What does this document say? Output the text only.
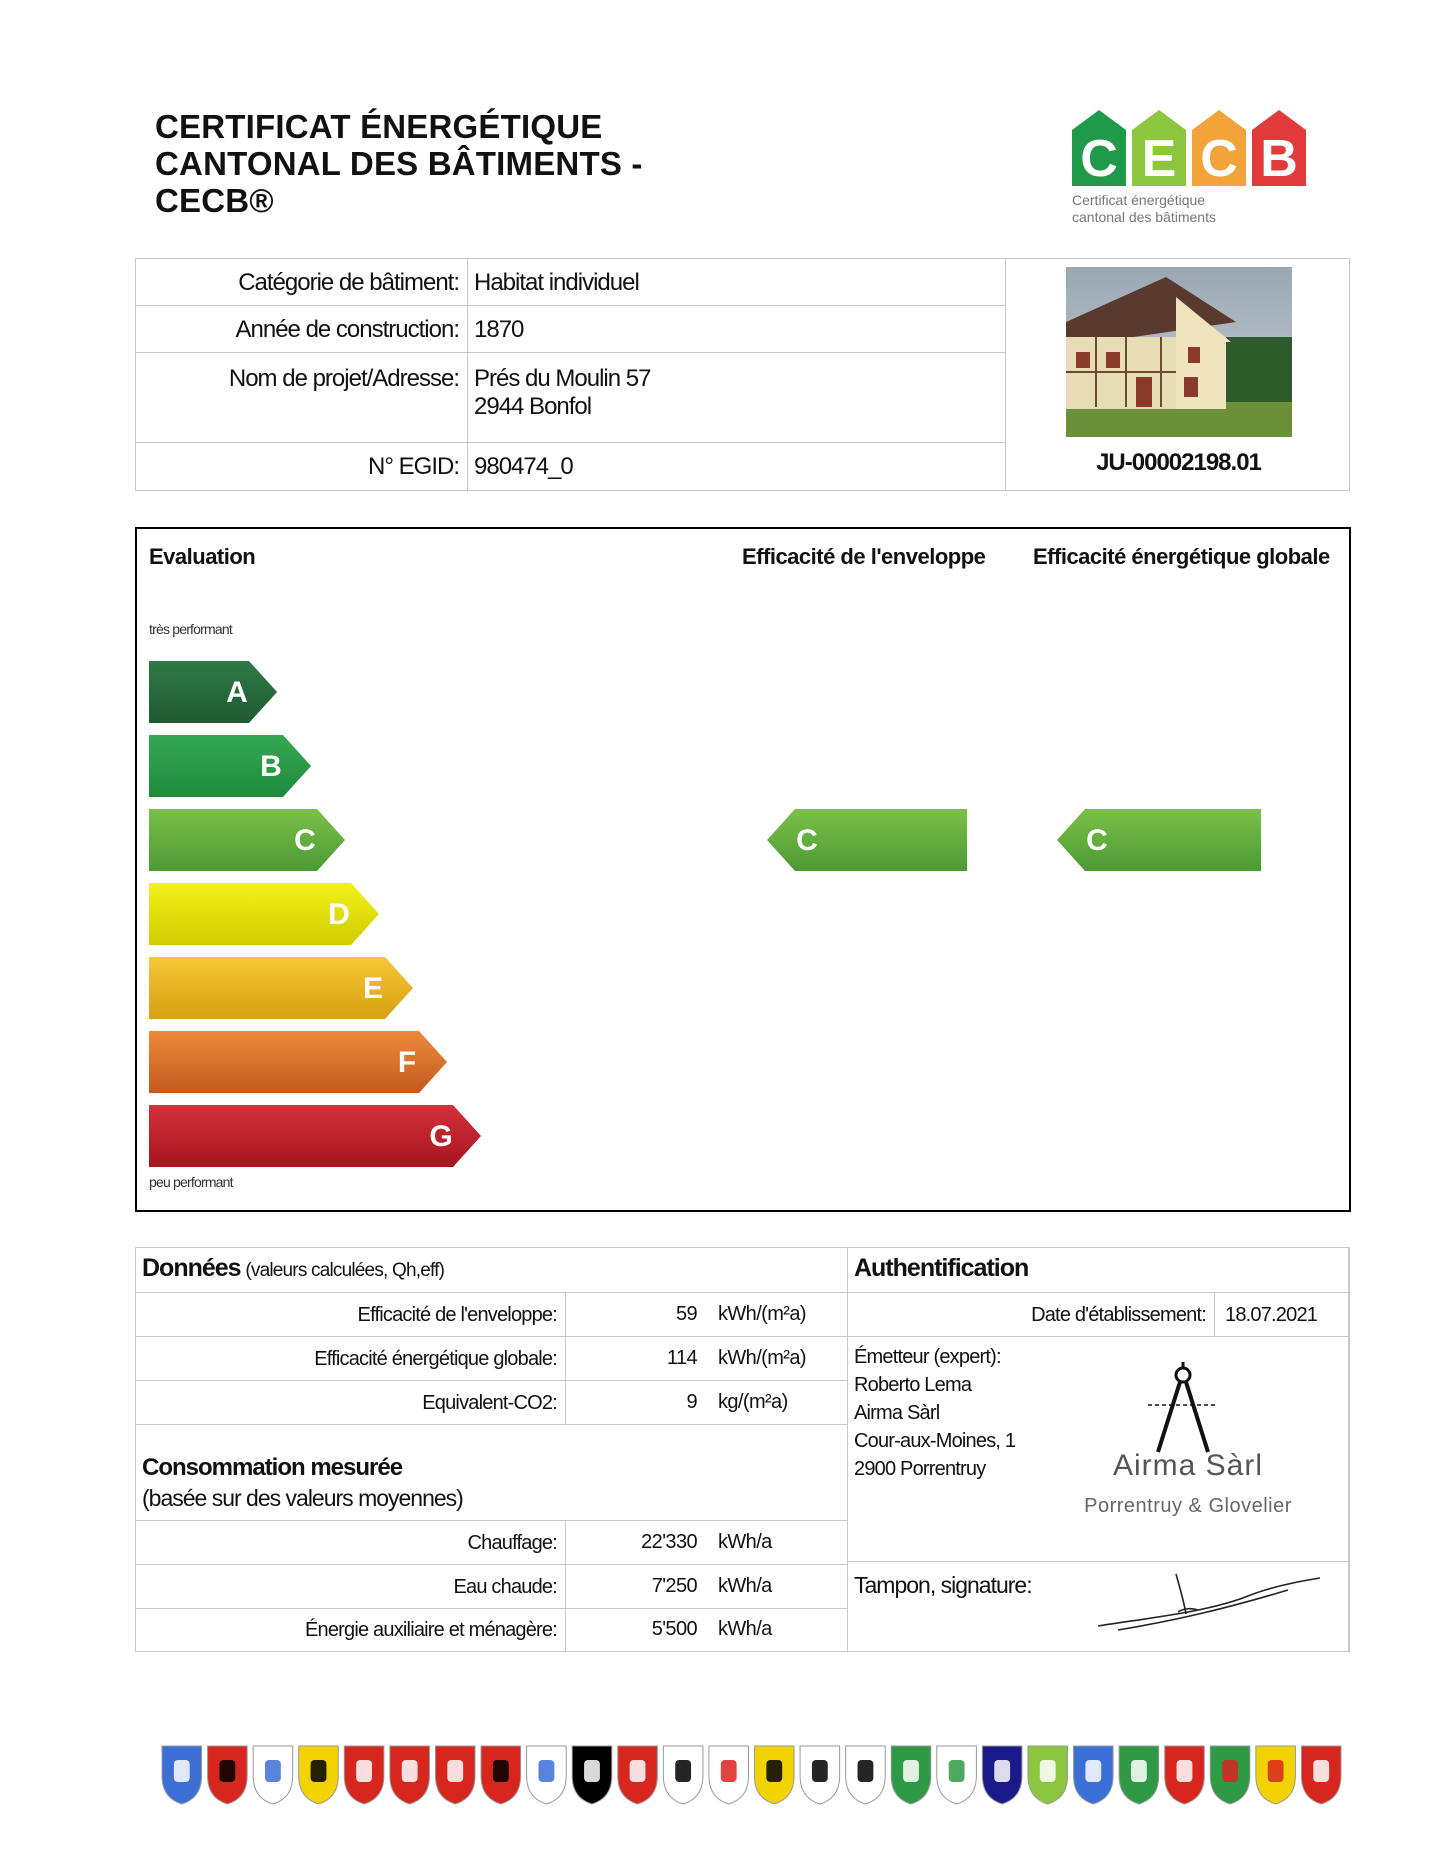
CERTIFICAT ÉNERGÉTIQUE
CANTONAL DES BÂTIMENTS -
CECB®
C E C B
Certificat énergétique
cantonal des bâtiments
Catégorie de bâtiment: Habitat individuel
Année de construction: 1870
Nom de projet/Adresse: Prés du Moulin 57
2944 Bonfol
N° EGID: 980474_0	JU-00002198.01
Evaluation	Efficacité de l'enveloppe Efficacité énergétique globale
très performant
peu performant
A
B
C
D
E
F
G
C	C
Données (valeurs calculées, Qh,eff)
Efficacité de l'enveloppe:	59 kWh/(m²a)
Efficacité énergétique globale:	114 kWh/(m²a)
Equivalent-CO2:	9 kg/(m²a)
Consommation mesurée
(basée sur des valeurs moyennes)
Chauffage:	22'330 kWh/a
Eau chaude:	7'250 kWh/a
Énergie auxiliaire et ménagère:	5'500 kWh/a
Authentification
Date d'établissement: 18.07.2021
Émetteur (expert):
Roberto Lema
Airma Sàrl
Cour-aux-Moines, 1
2900 Porrentruy	Airma Sàrl
Porrentruy & Glovelier
Tampon, signature:
